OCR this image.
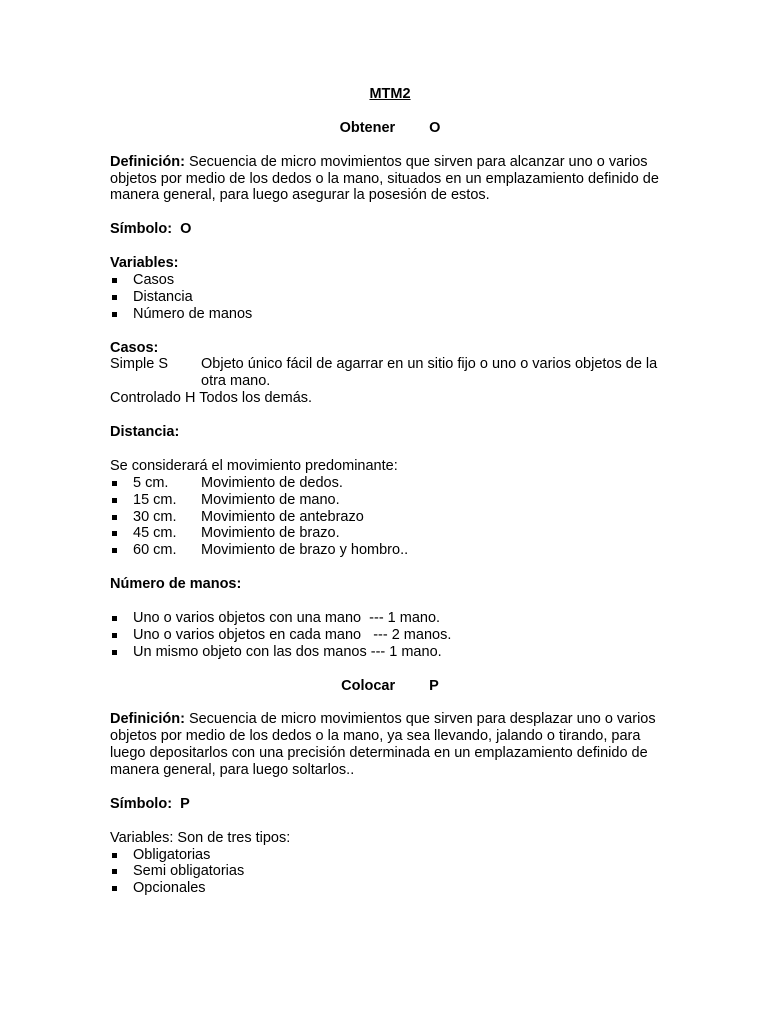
MTM2
Obtener O
Definición: Secuencia de micro movimientos que sirven para alcanzar uno o varios objetos por medio de los dedos o la mano, situados en un emplazamiento definido de manera general, para luego asegurar la posesión de estos.
Símbolo: O
Variables:
Casos
Distancia
Número de manos
Casos:
Simple S	Objeto único fácil de agarrar en un sitio fijo o uno o varios objetos de la otra mano.
Controlado H Todos los demás.
Distancia:
Se considerará el movimiento predominante:
5 cm. Movimiento de dedos.
15 cm. Movimiento de mano.
30 cm. Movimiento de antebrazo
45 cm. Movimiento de brazo.
60 cm. Movimiento de brazo y hombro..
Número de manos:
Uno o varios objetos con una mano  --- 1 mano.
Uno o varios objetos en cada mano   --- 2 manos.
Un mismo objeto con las dos manos --- 1 mano.
Colocar P
Definición: Secuencia de micro movimientos que sirven para desplazar uno o varios objetos por medio de los dedos o la mano, ya sea llevando, jalando o tirando, para luego depositarlos con una precisión determinada en un emplazamiento definido de manera general, para luego soltarlos..
Símbolo: P
Variables: Son de tres tipos:
Obligatorias
Semi obligatorias
Opcionales
